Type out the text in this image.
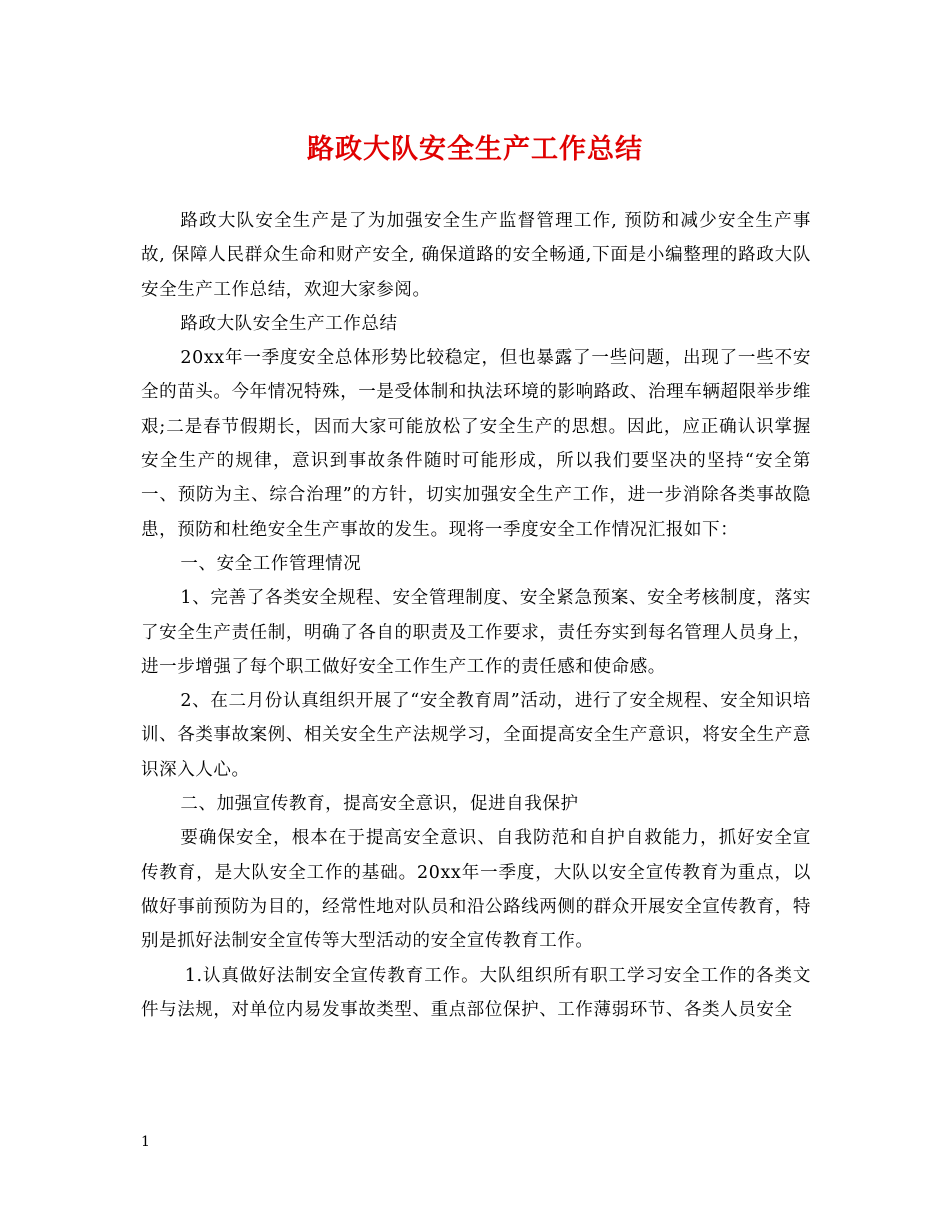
路政大队安全生产工作总结

路政大队安全生产是了为加强安全生产监督管理工作, 预防和减少安全生产事故, 保障人民群众生命和财产安全, 确保道路的安全畅通,下面是小编整理的路政大队安全生产工作总结，欢迎大家参阅。

路政大队安全生产工作总结

20xx年一季度安全总体形势比较稳定，但也暴露了一些问题，出现了一些不安全的苗头。今年情况特殊，一是受体制和执法环境的影响路政、治理车辆超限举步维艰;二是春节假期长，因而大家可能放松了安全生产的思想。因此，应正确认识掌握安全生产的规律，意识到事故条件随时可能形成，所以我们要坚决的坚持“安全第一、预防为主、综合治理”的方针，切实加强安全生产工作，进一步消除各类事故隐患，预防和杜绝安全生产事故的发生。现将一季度安全工作情况汇报如下：

一、安全工作管理情况

1、完善了各类安全规程、安全管理制度、安全紧急预案、安全考核制度，落实了安全生产责任制，明确了各自的职责及工作要求，责任夯实到每名管理人员身上，进一步增强了每个职工做好安全工作生产工作的责任感和使命感。

2、在二月份认真组织开展了“安全教育周”活动，进行了安全规程、安全知识培训、各类事故案例、相关安全生产法规学习，全面提高安全生产意识，将安全生产意识深入人心。

二、加强宣传教育，提高安全意识，促进自我保护

要确保安全，根本在于提高安全意识、自我防范和自护自救能力，抓好安全宣传教育，是大队安全工作的基础。20xx年一季度，大队以安全宣传教育为重点，以做好事前预防为目的，经常性地对队员和沿公路线两侧的群众开展安全宣传教育，特别是抓好法制安全宣传等大型活动的安全宣传教育工作。

1.认真做好法制安全宣传教育工作。大队组织所有职工学习安全工作的各类文件与法规，对单位内易发事故类型、重点部位保护、工作薄弱环节、各类人员安全

1
